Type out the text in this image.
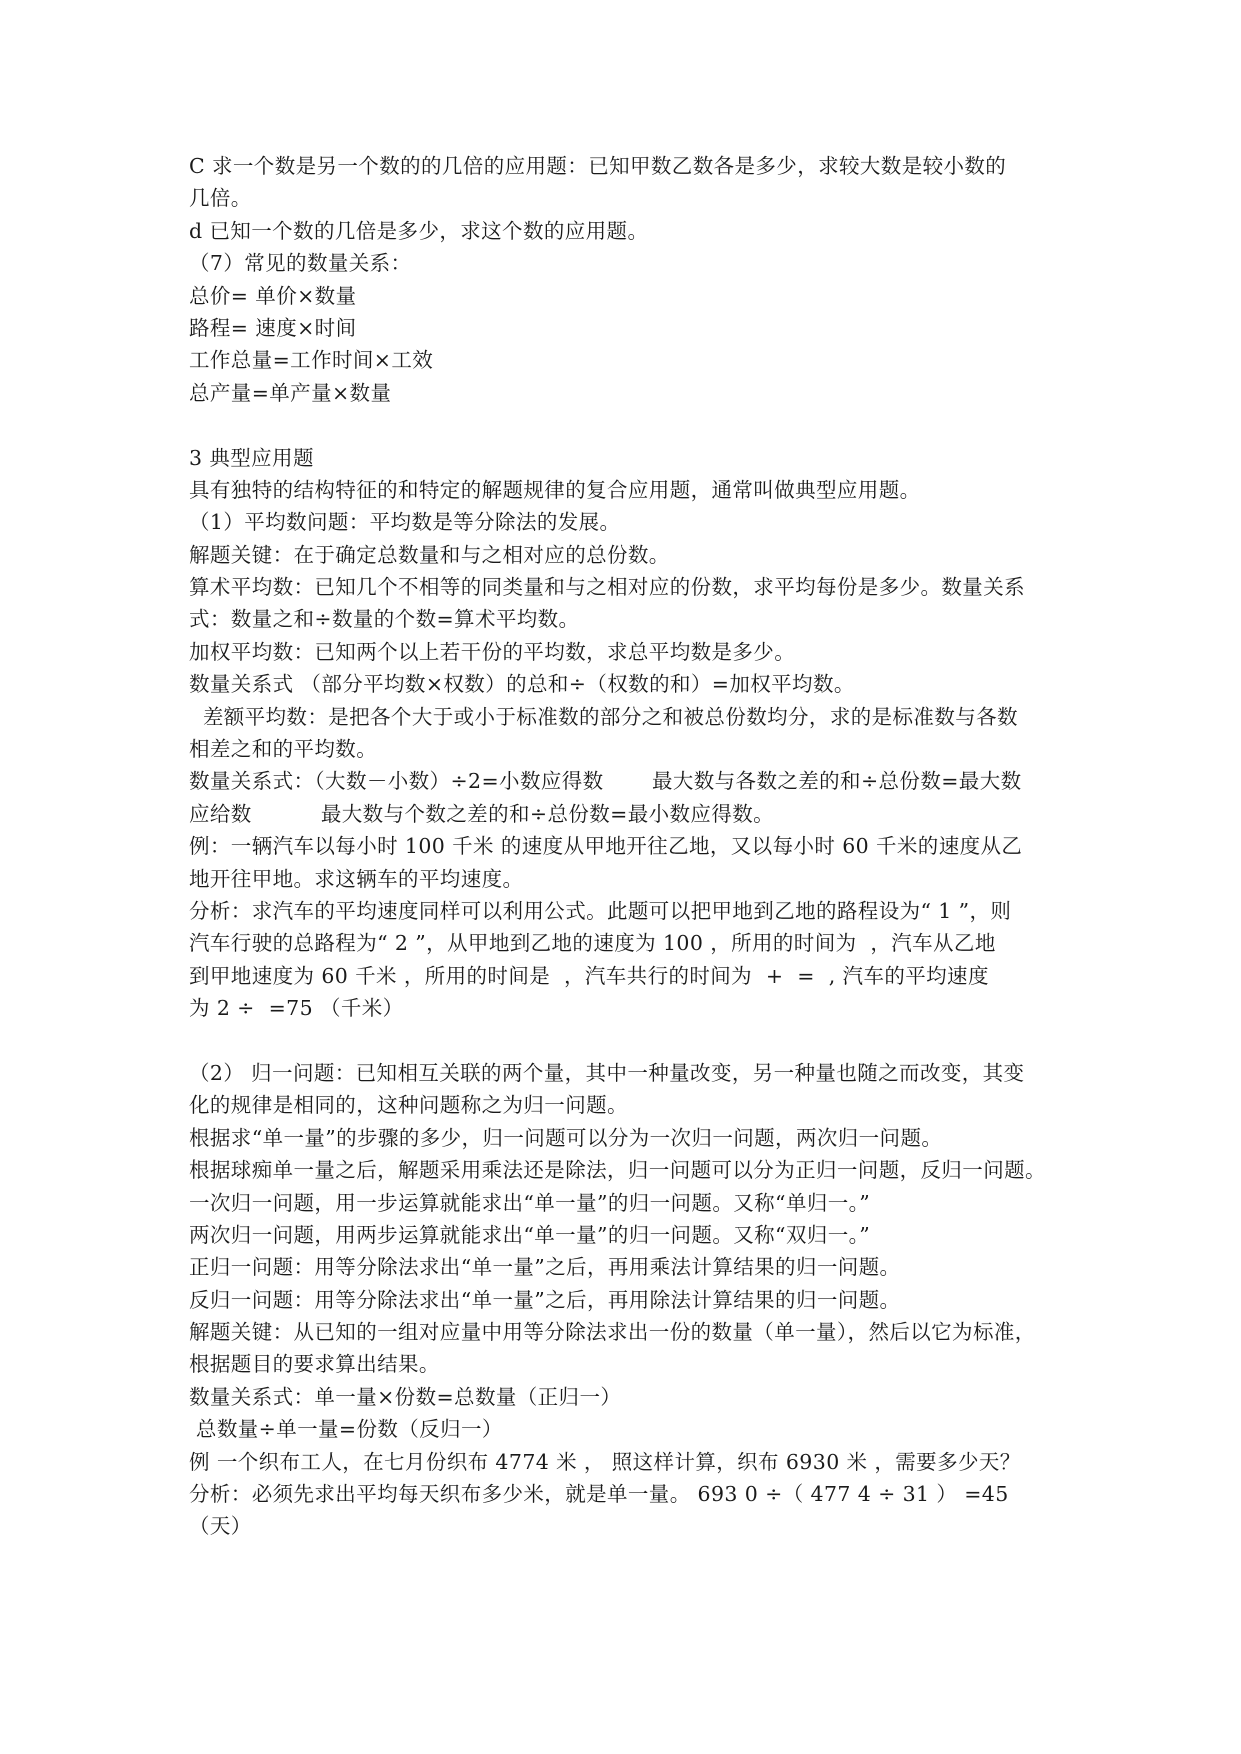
C 求一个数是另一个数的的几倍的应用题：已知甲数乙数各是多少，求较大数是较小数的
几倍。
d 已知一个数的几倍是多少，求这个数的应用题。
（7）常见的数量关系：
总价= 单价×数量
路程= 速度×时间
工作总量=工作时间×工效
总产量=单产量×数量
3 典型应用题
具有独特的结构特征的和特定的解题规律的复合应用题，通常叫做典型应用题。
（1）平均数问题：平均数是等分除法的发展。
解题关键：在于确定总数量和与之相对应的总份数。
算术平均数：已知几个不相等的同类量和与之相对应的份数，求平均每份是多少。数量关系
式：数量之和÷数量的个数=算术平均数。
加权平均数：已知两个以上若干份的平均数，求总平均数是多少。
数量关系式 （部分平均数×权数）的总和÷（权数的和）=加权平均数。
差额平均数：是把各个大于或小于标准数的部分之和被总份数均分，求的是标准数与各数
相差之和的平均数。
数量关系式：（大数－小数）÷2=小数应得数       最大数与各数之差的和÷总份数=最大数
应给数          最大数与个数之差的和÷总份数=最小数应得数。
例：一辆汽车以每小时 100 千米 的速度从甲地开往乙地，又以每小时 60 千米的速度从乙
地开往甲地。求这辆车的平均速度。
分析：求汽车的平均速度同样可以利用公式。此题可以把甲地到乙地的路程设为“ 1 ”，则
汽车行驶的总路程为“ 2 ”，从甲地到乙地的速度为 100 ，所用的时间为  ，汽车从乙地
到甲地速度为 60 千米 ，所用的时间是  ，汽车共行的时间为  +  =  , 汽车的平均速度
为 2 ÷  =75 （千米）
（2） 归一问题：已知相互关联的两个量，其中一种量改变，另一种量也随之而改变，其变
化的规律是相同的，这种问题称之为归一问题。
根据求“单一量”的步骤的多少，归一问题可以分为一次归一问题，两次归一问题。
根据球痴单一量之后，解题采用乘法还是除法，归一问题可以分为正归一问题，反归一问题。
一次归一问题，用一步运算就能求出“单一量”的归一问题。又称“单归一。”
两次归一问题，用两步运算就能求出“单一量”的归一问题。又称“双归一。”
正归一问题：用等分除法求出“单一量”之后，再用乘法计算结果的归一问题。
反归一问题：用等分除法求出“单一量”之后，再用除法计算结果的归一问题。
解题关键：从已知的一组对应量中用等分除法求出一份的数量（单一量），然后以它为标准，
根据题目的要求算出结果。
数量关系式：单一量×份数=总数量（正归一）
总数量÷单一量=份数（反归一）
例 一个织布工人，在七月份织布 4774 米 ， 照这样计算，织布 6930 米 ，需要多少天？
分析：必须先求出平均每天织布多少米，就是单一量。 693 0 ÷（ 477 4 ÷ 31 ） =45
（天）
